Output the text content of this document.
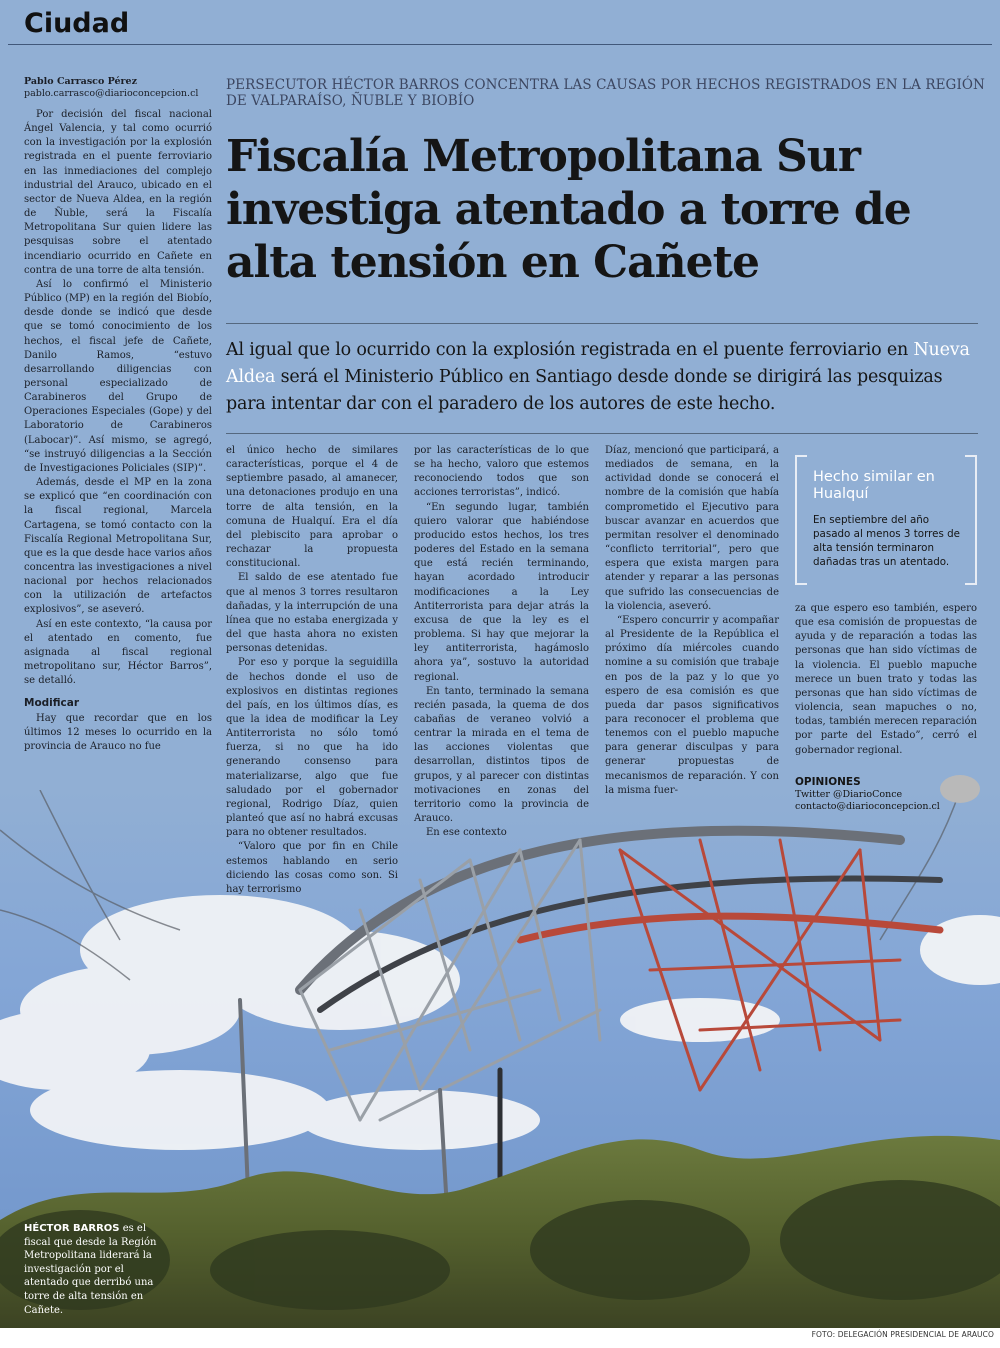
Ciudad
Pablo Carrasco Pérez
pablo.carrasco@diarioconcepcion.cl

Por decisión del fiscal nacional Ángel Valencia, y tal como ocurrió con la investigación por la explosión registrada en el puente ferroviario en las inmediaciones del complejo industrial del Arauco, ubicado en el sector de Nueva Aldea, en la región de Ñuble, será la Fiscalía Metropolitana Sur quien liderе las pesquisas sobre el atentado incendiario ocurrido en Cañete en contra de una torre de alta tensión.

Así lo confirmó el Ministerio Público (MP) en la región del Biobío, desde donde se indicó que desde que se tomó conocimiento de los hechos, el fiscal jefe de Cañete, Danilo Ramos, “estuvo desarrollando diligencias con personal especializado de Carabineros del Grupo de Operaciones Especiales (Gope) y del Laboratorio de Carabineros (Labocar)”. Así mismo, se agregó, “se instruyó diligencias a la Sección de Investigaciones Policiales (SIP)”.

Además, desde el MP en la zona se explicó que “en coordinación con la fiscal regional, Marcela Cartagena, se tomó contacto con la Fiscalía Regional Metropolitana Sur, que es la que desde hace varios años concentra las investigaciones a nivel nacional por hechos relacionados con la utilización de artefactos explosivos”, se aseveró.

Así en este contexto, “la causa por el atentado en comento, fue asignada al fiscal regional metropolitano sur, Héctor Barros”, se detalló.

Modificar

Hay que recordar que en los últimos 12 meses lo ocurrido en la provincia de Arauco no fue

PERSECUTOR HÉCTOR BARROS CONCENTRA LAS CAUSAS POR HECHOS REGISTRADOS EN LA REGIÓN DE VALPARAÍSO, ÑUBLE Y BIOBÍO
Fiscalía Metropolitana Sur
investiga atentado a torre de alta tensión en Cañete
Al igual que lo ocurrido con la explosión registrada en el puente ferroviario en Nueva Aldea será el Ministerio Público en Santiago desde donde se dirigirá las pesquizas para intentar dar con el paradero de los autores de este hecho.

el único hecho de similares características, porque el 4 de septiembre pasado, al amanecer, una detonaciones produjo en una torre de alta tensión, en la comuna de Hualquí. Era el día del plebiscito para aprobar o rechazar la propuesta constitucional.

El saldo de ese atentado fue que al menos 3 torres resultaron dañadas, y la interrupción de una línea que no estaba energizada y del que hasta ahora no existen personas detenidas.

Por eso y porque la seguidilla de hechos donde el uso de explosivos en distintas regiones del país, en los últimos días, es que la idea de modificar la Ley Antiterrorista no sólo tomó fuerza, si no que ha ido generando consenso para materializarse, algo que fue saludado por el gobernador regional, Rodrigo Díaz, quien planteó que así no habrá excusas para no obtener resultados.

“Valoro que por fin en Chile estemos hablando en serio diciendo las cosas como son. Si hay terrorismo

por las características de lo que se ha hecho, valoro que estemos reconociendo todos que son acciones terroristas”, indicó.

“En segundo lugar, también quiero valorar que habiéndose producido estos hechos, los tres poderes del Estado en la semana que está recién terminando, hayan acordado introducir modificaciones a la Ley Antiterrorista para dejar atrás la excusa de que la ley es el problema. Si hay que mejorar la ley antiterrorista, hagámoslo ahora ya”, sostuvo la autoridad regional.

En tanto, terminado la semana recién pasada, la quema de dos cabañas de veraneo volvió a centrar la mirada en el tema de las acciones violentas que desarrollan, distintos tipos de grupos, y al parecer con distintas motivaciones en zonas del territorio como la provincia de Arauco.

En ese contexto

Díaz, mencionó que participará, a mediados de semana, en la actividad donde se conocerá el nombre de la comisión que había comprometido el Ejecutivo para buscar avanzar en acuerdos que permitan resolver el denominado “conflicto territorial”, pero que espera que exista margen para atender y reparar a las personas que sufrido las consecuencias de la violencia, aseveró.

“Espero concurrir y acompañar al Presidente de la República el próximo día miércoles cuando nomine a su comisión que trabaje en pos de la paz y lo que yo espero de esa comisión es que pueda dar pasos significativos para reconocer el problema que tenemos con el pueblo mapuche para generar disculpas y para generar propuestas de mecanismos de reparación. Y con la misma fuer-

Hecho similar en Hualquí
En septiembre del año pasado al menos 3 torres de alta tensión terminaron dañadas tras un atentado.

za que espero eso también, espero que esa comisión de propuestas de ayuda y de reparación a todas las personas que han sido víctimas de la violencia. El pueblo mapuche merece un buen trato y todas las personas que han sido víctimas de violencia, sean mapuches o no, todas, también merecen reparación por parte del Estado”, cerró el gobernador regional.

OPINIONES
Twitter @DiarioConce
contacto@diarioconcepcion.cl
HÉCTOR BARROS es el fiscal que desde la Región Metropolitana liderará la investigación por el atentado que derribó una torre de alta tensión en Cañete.
FOTO: DELEGACIÓN PRESIDENCIAL DE ARAUCO
